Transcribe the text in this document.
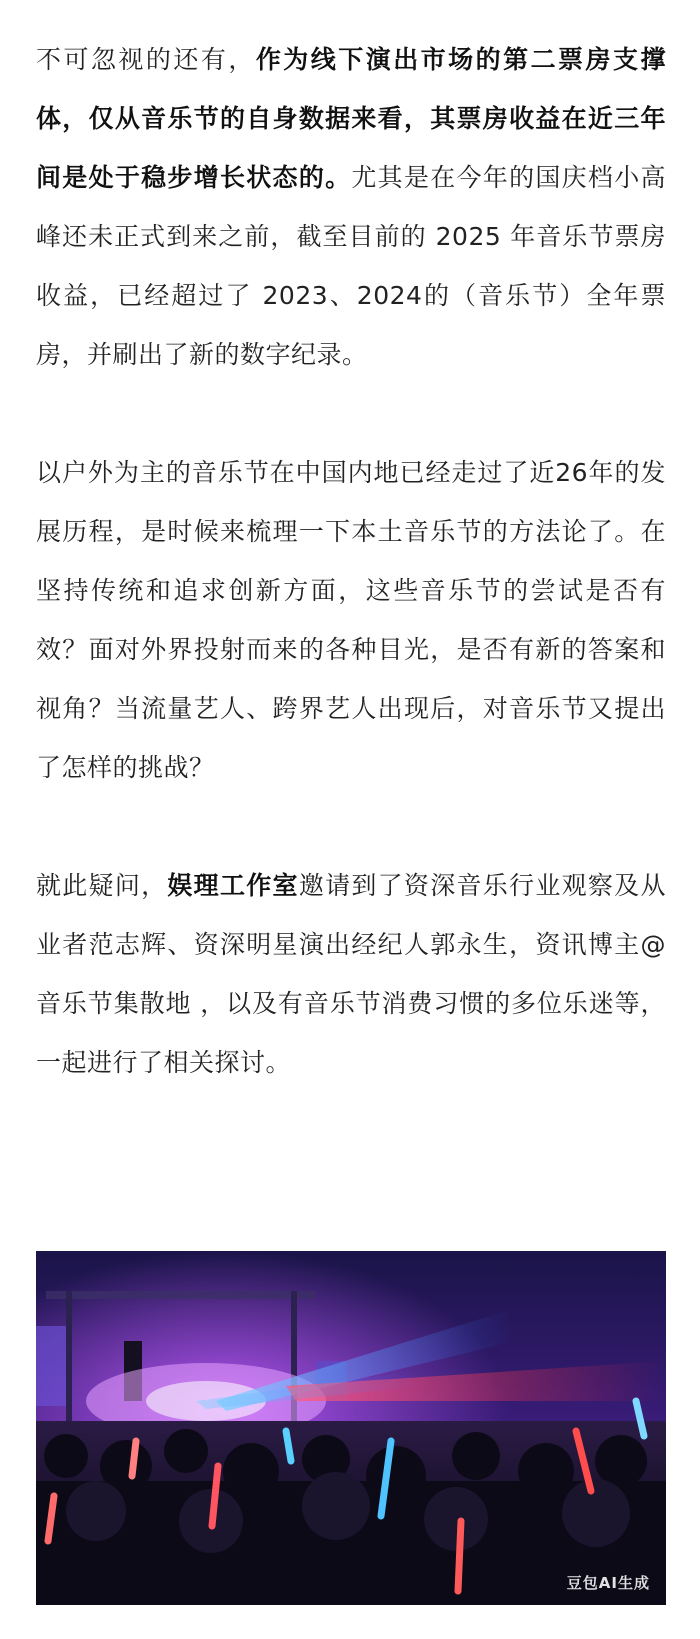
不可忽视的还有，作为线下演出市场的第二票房支撑体，仅从音乐节的自身数据来看，其票房收益在近三年间是处于稳步增长状态的。尤其是在今年的国庆档小高峰还未正式到来之前，截至目前的 2025 年音乐节票房收益，已经超过了 2023、2024的（音乐节）全年票房，并刷出了新的数字纪录。

以户外为主的音乐节在中国内地已经走过了近26年的发展历程，是时候来梳理一下本土音乐节的方法论了。在坚持传统和追求创新方面，这些音乐节的尝试是否有效？面对外界投射而来的各种目光，是否有新的答案和视角？当流量艺人、跨界艺人出现后，对音乐节又提出了怎样的挑战？

就此疑问，娱理工作室邀请到了资深音乐行业观察及从业者范志辉、资深明星演出经纪人郭永生，资讯博主@音乐节集散地 ，以及有音乐节消费习惯的多位乐迷等，一起进行了相关探讨。

豆包AI生成
